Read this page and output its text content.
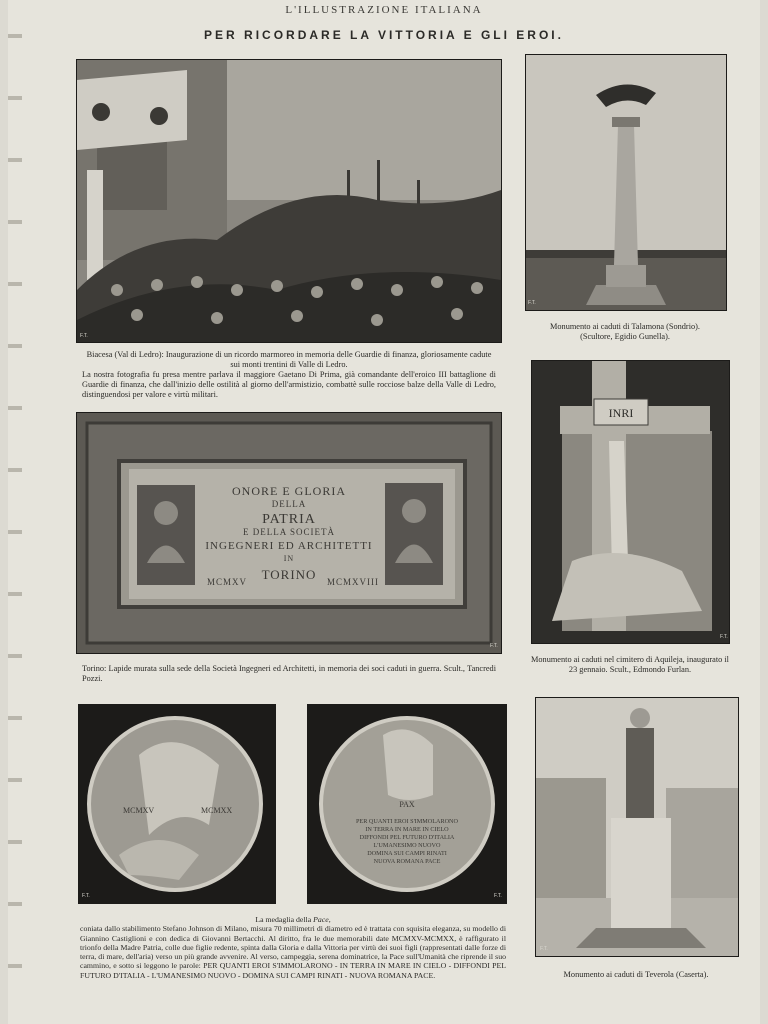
L'ILLUSTRAZIONE ITALIANA
PER RICORDARE LA VITTORIA E GLI EROI.
Biacesa (Val di Ledro): Inaugurazione di un ricordo marmoreo in memoria delle Guardie di finanza, gloriosamente cadute sui monti trentini di Valle di Ledro.
La nostra fotografia fu presa mentre parlava il maggiore Gaetano Di Prima, già comandante dell'eroico III battaglione di Guardie di finanza, che dall'inizio delle ostilità al giorno dell'armistizio, combattè sulle rocciose balze della Valle di Ledro, distinguendosi per valore e virtù militari.
Monumento ai caduti di Talamona (Sondrio).
(Scultore, Egidio Gunella).
ONORE E GLORIA
DELLA
PATRIA
E DELLA SOCIETÀ
INGEGNERI ED ARCHITETTI
IN
TORINO
MCMXV	MCMXVIII
Torino: Lapide murata sulla sede della Società Ingegneri ed Architetti, in memoria dei soci caduti in guerra. Scult., Tancredi Pozzi.
INRI
Monumento ai caduti nel cimitero di Aquileja, inaugurato il 23 gennaio. Scult., Edmondo Furlan.
MCMXV	MCMXX
PAX
PER QUANTI EROI S'IMMOLARONO
IN TERRA IN MARE IN CIELO
DIFFONDI PEL FUTURO D'ITALIA
L'UMANESIMO NUOVO
DOMINA SUI CAMPI RINATI
NUOVA ROMANA PACE
F.T.
F.T.
F.T.
F.T.
F.T.	F.T.
F.T.
La medaglia della Pace,
coniata dallo stabilimento Stefano Johnson di Milano, misura 70 millimetri di diametro ed è trattata con squisita eleganza, su modello di Giannino Castiglioni e con dedica di Giovanni Bertacchi. Al diritto, fra le due memorabili date MCMXV-MCMXX, è raffigurato il trionfo della Madre Patria, colle due figlie redente, spinta dalla Gloria e dalla Vittoria per virtù dei suoi figli (rappresentati dalle forze di terra, di mare, dell'aria) verso un più grande avvenire. Al verso, campeggia, serena dominatrice, la Pace sull'Umanità che riprende il suo cammino, e sotto si leggono le parole: PER QUANTI EROI S'IMMOLARONO - IN TERRA IN MARE IN CIELO - DIFFONDI PEL FUTURO D'ITALIA - L'UMANESIMO NUOVO - DOMINA SUI CAMPI RINATI - NUOVA ROMANA PACE.	Monumento ai caduti di Teverola (Caserta).
